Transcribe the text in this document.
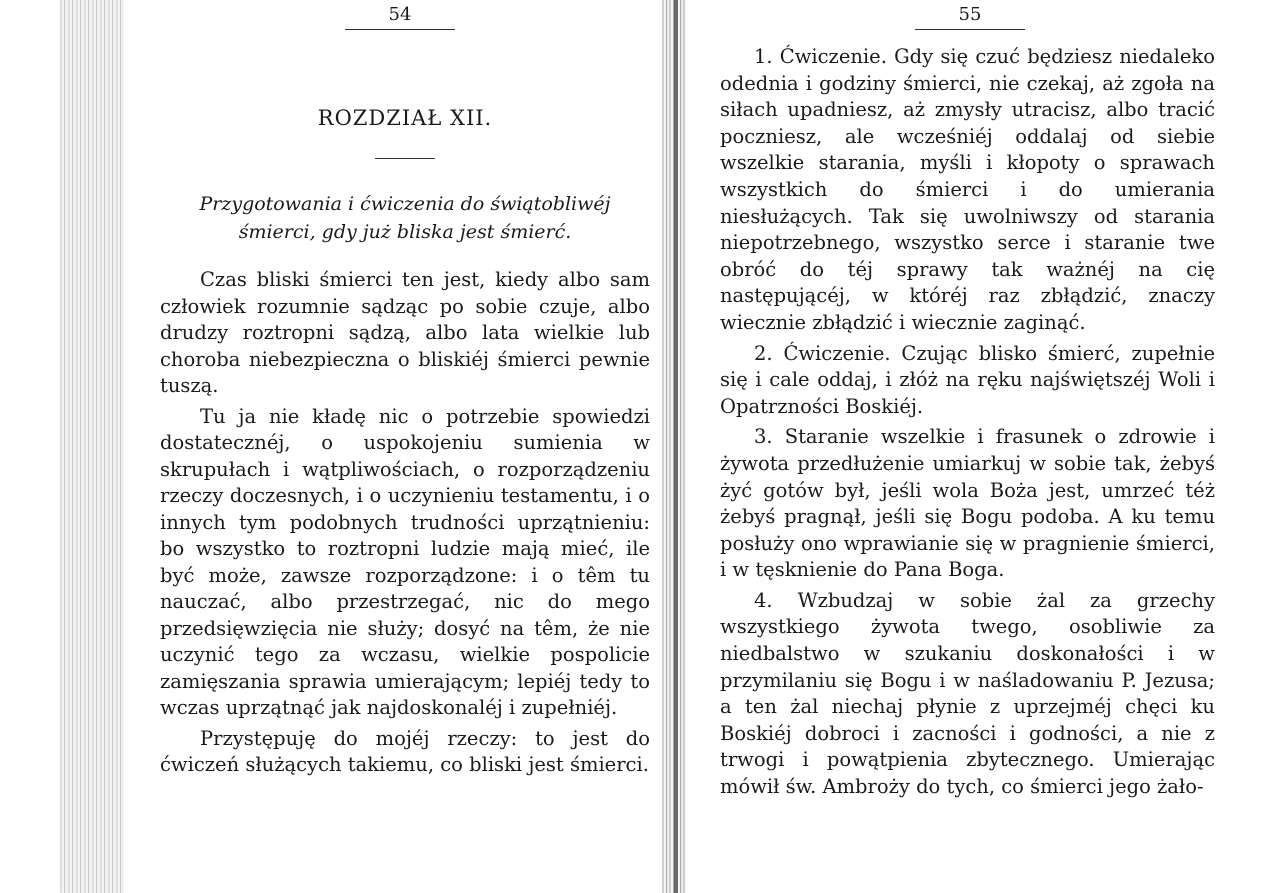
54
ROZDZIAŁ XII.
Przygotowania i ćwiczenia do świątobliwéj śmierci, gdy już bliska jest śmierć.

Czas bliski śmierci ten jest, kiedy albo sam człowiek rozumnie sądząc po sobie czuje, albo drudzy roztropni sądzą, albo lata wielkie lub choroba niebezpieczna o bliskiéj śmierci pewnie tuszą.

Tu ja nie kładę nic o potrzebie spowiedzi dostatecznéj, o uspokojeniu sumienia w skrupułach i wątpliwościach, o rozporządzeniu rzeczy doczesnych, i o uczynieniu testamentu, i o innych tym podobnych trudności uprzątnieniu: bo wszystko to roztropni ludzie mają mieć, ile być może, zawsze rozporządzone: i o têm tu nauczać, albo przestrzegać, nic do mego przedsięwzięcia nie służy; dosyć na têm, że nie uczynić tego za wczasu, wielkie pospolicie zamięszania sprawia umierającym; lepiéj tedy to wczas uprzątnąć jak najdoskonaléj i zupełniéj.

Przystępuję do mojéj rzeczy: to jest do ćwiczeń służących takiemu, co bliski jest śmierci.

55

1. Ćwiczenie. Gdy się czuć będziesz niedaleko odednia i godziny śmierci, nie czekaj, aż zgoła na siłach upadniesz, aż zmysły utracisz, albo tracić poczniesz, ale wcześniéj oddalaj od siebie wszelkie starania, myśli i kłopoty o sprawach wszystkich do śmierci i do umierania niesłużących. Tak się uwolniwszy od starania niepotrzebnego, wszystko serce i staranie twe obróć do téj sprawy tak ważnéj na cię następującéj, w któréj raz zbłądzić, znaczy wiecznie zbłądzić i wiecznie zaginąć.

2. Ćwiczenie. Czując blisko śmierć, zupełnie się i cale oddaj, i złóż na ręku najświętszéj Woli i Opatrzności Boskiéj.

3. Staranie wszelkie i frasunek o zdrowie i żywota przedłużenie umiarkuj w sobie tak, żebyś żyć gotów był, jeśli wola Boża jest, umrzeć téż żebyś pragnął, jeśli się Bogu podoba. A ku temu posłuży ono wprawianie się w pragnienie śmierci, i w tęsknienie do Pana Boga.

4. Wzbudzaj w sobie żal za grzechy wszystkiego żywota twego, osobliwie za niedbalstwo w szukaniu doskonałości i w przymilaniu się Bogu i w naśladowaniu P. Jezusa; a ten żal niechaj płynie z uprzejméj chęci ku Boskiéj dobroci i zacności i godności, a nie z trwogi i powątpienia zbytecznego. Umierając mówił św. Ambroży do tych, co śmierci jego żało-
